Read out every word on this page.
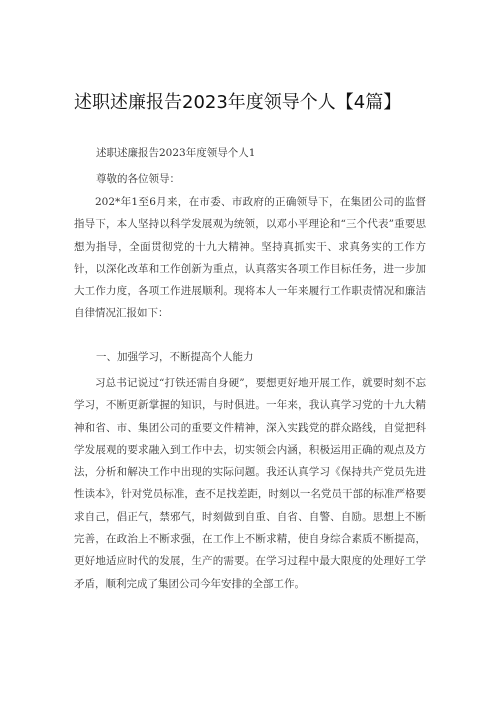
述职述廉报告2023年度领导个人【4篇】

述职述廉报告2023年度领导个人1

尊敬的各位领导：

202*年1至6月来，在市委、市政府的正确领导下，在集团公司的监督指导下，本人坚持以科学发展观为统领，以邓小平理论和“三个代表”重要思想为指导，全面贯彻党的十九大精神。坚持真抓实干、求真务实的工作方针，以深化改革和工作创新为重点，认真落实各项工作目标任务，进一步加大工作力度，各项工作进展顺利。现将本人一年来履行工作职责情况和廉洁自律情况汇报如下：

一、加强学习，不断提高个人能力

习总书记说过“打铁还需自身硬”，要想更好地开展工作，就要时刻不忘学习，不断更新掌握的知识，与时俱进。一年来，我认真学习党的十九大精神和省、市、集团公司的重要文件精神，深入实践党的群众路线，自觉把科学发展观的要求融入到工作中去，切实领会内涵，积极运用正确的观点及方法，分析和解决工作中出现的实际问题。我还认真学习《保持共产党员先进性读本》，针对党员标准，查不足找差距，时刻以一名党员干部的标准严格要求自己，倡正气，禁邪气，时刻做到自重、自省、自警、自励。思想上不断完善，在政治上不断求强，在工作上不断求精，使自身综合素质不断提高，更好地适应时代的发展，生产的需要。在学习过程中最大限度的处理好工学矛盾，顺利完成了集团公司今年安排的全部工作。
